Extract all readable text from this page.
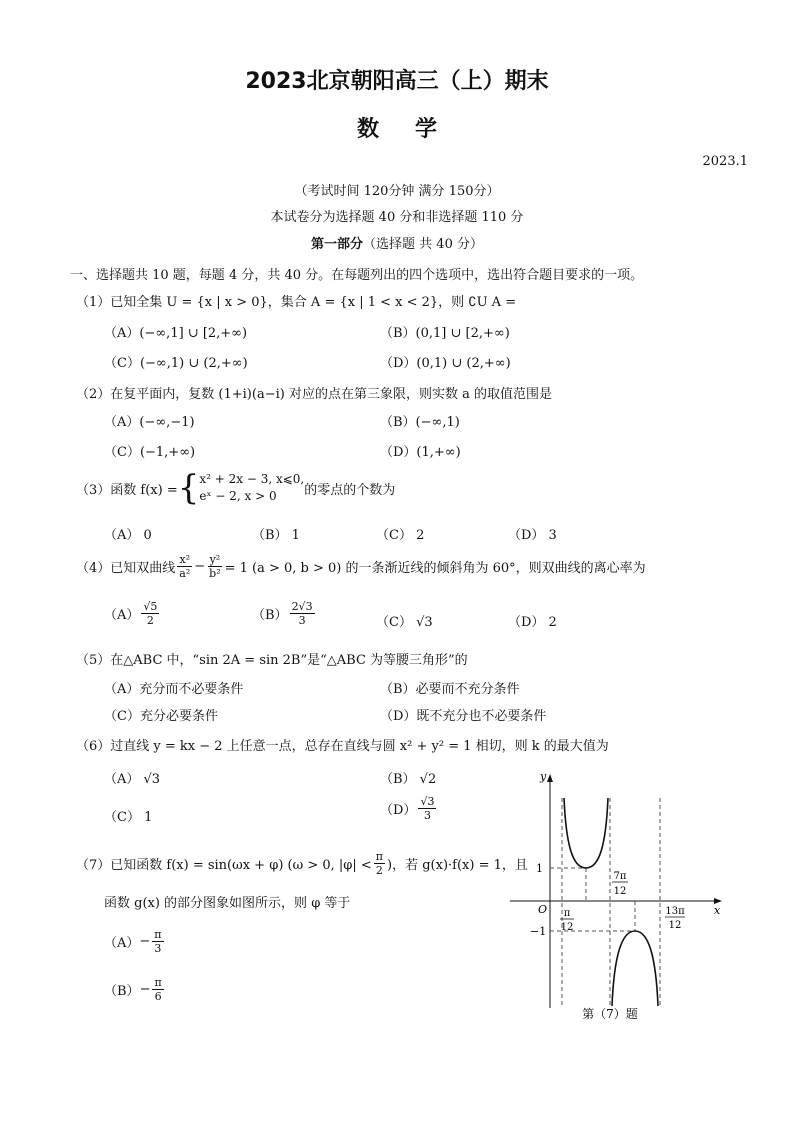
2023北京朝阳高三（上）期末
数学
2023.1
（考试时间 120分钟 满分 150分）
本试卷分为选择题 40 分和非选择题 110 分
第一部分（选择题 共 40 分）
一、选择题共 10 题，每题 4 分，共 40 分。在每题列出的四个选项中，选出符合题目要求的一项。
（1）已知全集 U = {x | x > 0}，集合 A = {x | 1 < x < 2}，则 ∁U A =
（A）(−∞,1] ∪ [2,+∞)	（B）(0,1] ∪ [2,+∞)
（C）(−∞,1) ∪ (2,+∞)	（D）(0,1) ∪ (2,+∞)
（2）在复平面内，复数 (1+i)(a−i) 对应的点在第三象限，则实数 a 的取值范围是
（A）(−∞,−1)	（B）(−∞,1)
（C）(−1,+∞)	（D）(1,+∞)
（3）函数 f(x) = { x² + 2x − 3, x⩽0,
eˣ − 2, x > 0	的零点的个数为
（A） 0	（B） 1	（C） 2	（D） 3
（4）已知双曲线 $\frac{\text{x²}}{\text{a²}} - \frac{\text{y²}}{\text{b²}} = 1$ (a > 0, b > 0) 的一条渐近线的倾斜角为 60°，则双曲线的离心率为
$(A) \frac{√5}{2}$	$(B) \frac{2√3}{3}$	（C） √3	（D） 2
（5）在△ABC 中，“sin 2A = sin 2B”是“△ABC 为等腰三角形”的
（A）充分而不必要条件	（B）必要而不充分条件
（C）充分必要条件	（D）既不充分也不必要条件
（6）过直线 y = kx − 2 上任意一点，总存在直线与圆 x² + y² = 1 相切，则 k 的最大值为
（A） √3	（B） √2
（C） 1	$(D) \frac{√3}{3}$
（7）已知函数 f(x) = sin(ωx + φ) (ω > 0, $|\varphi| < \frac{\pi}{2}$ )，若 g(x)·f(x) = 1，且
函数 g(x) 的部分图象如图所示，则 φ 等于
$(A) - \frac{\pi}{3}$
$(B) - \frac{\pi}{6}$
y
x
O
1
−1
π
12
7π
12
13π
12
第（7）题
